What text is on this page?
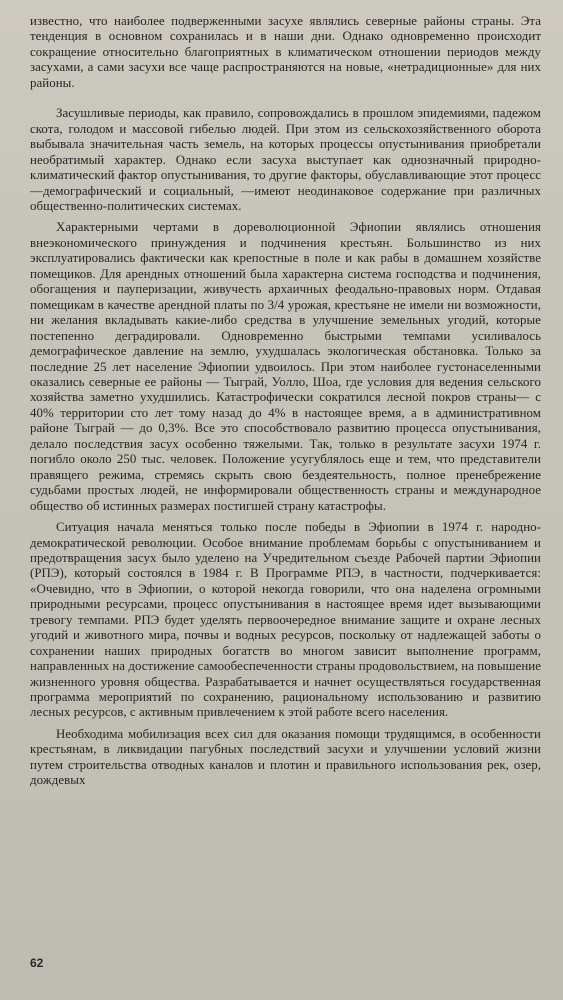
известно, что наиболее подверженными засухе являлись северные районы страны. Эта тенденция в основном сохранилась и в наши дни. Однако одновременно происходит сокращение относительно благоприятных в климатическом отношении периодов между засухами, а сами засухи все чаще распространяются на новые, «нетрадиционные» для них районы.

Засушливые периоды, как правило, сопровождались в прошлом эпидемиями, падежом скота, голодом и массовой гибелью людей. При этом из сельскохозяйственного оборота выбывала значительная часть земель, на которых процессы опустынивания приобретали необратимый характер. Однако если засуха выступает как однозначный природно-климатический фактор опустынивания, то другие факторы, обуславливающие этот процесс—демографический и социальный, —имеют неодинаковое содержание при различных общественно-политических системах.

Характерными чертами в дореволюционной Эфиопии являлись отношения внеэкономического принуждения и подчинения крестьян. Большинство из них эксплуатировались фактически как крепостные в поле и как рабы в домашнем хозяйстве помещиков. Для арендных отношений была характерна система господства и подчинения, обогащения и пауперизации, живучесть архаичных феодально-правовых норм. Отдавая помещикам в качестве арендной платы по 3/4 урожая, крестьяне не имели ни возможности, ни желания вкладывать какие-либо средства в улучшение земельных угодий, которые постепенно деградировали. Одновременно быстрыми темпами усиливалось демографическое давление на землю, ухудшалась экологическая обстановка. Только за последние 25 лет население Эфиопии удвоилось. При этом наиболее густонаселенными оказались северные ее районы — Тыграй, Уолло, Шоа, где условия для ведения сельского хозяйства заметно ухудшились. Катастрофически сократился лесной покров страны— с 40% территории сто лет тому назад до 4% в настоящее время, а в административном районе Тыграй — до 0,3%. Все это способствовало развитию процесса опустынивания, делало последствия засух особенно тяжелыми. Так, только в результате засухи 1974 г. погибло около 250 тыс. человек. Положение усугублялось еще и тем, что представители правящего режима, стремясь скрыть свою бездеятельность, полное пренебрежение судьбами простых людей, не информировали общественность страны и международное общество об истинных размерах постигшей страну катастрофы.

Ситуация начала меняться только после победы в Эфиопии в 1974 г. народно-демократической революции. Особое внимание проблемам борьбы с опустыниванием и предотвращения засух было уделено на Учредительном съезде Рабочей партии Эфиопии (РПЭ), который состоялся в 1984 г. В Программе РПЭ, в частности, подчеркивается: «Очевидно, что в Эфиопии, о которой некогда говорили, что она наделена огромными природными ресурсами, процесс опустынивания в настоящее время идет вызывающими тревогу темпами. РПЭ будет уделять первоочередное внимание защите и охране лесных угодий и животного мира, почвы и водных ресурсов, поскольку от надлежащей заботы о сохранении наших природных богатств во многом зависит выполнение программ, направленных на достижение самообеспеченности страны продовольствием, на повышение жизненного уровня общества. Разрабатывается и начнет осуществляться государственная программа мероприятий по сохранению, рациональному использованию и развитию лесных ресурсов, с активным привлечением к этой работе всего населения.

Необходима мобилизация всех сил для оказания помощи трудящимся, в особенности крестьянам, в ликвидации пагубных последствий засухи и улучшении условий жизни путем строительства отводных каналов и плотин и правильного использования рек, озер, дождевых

62
